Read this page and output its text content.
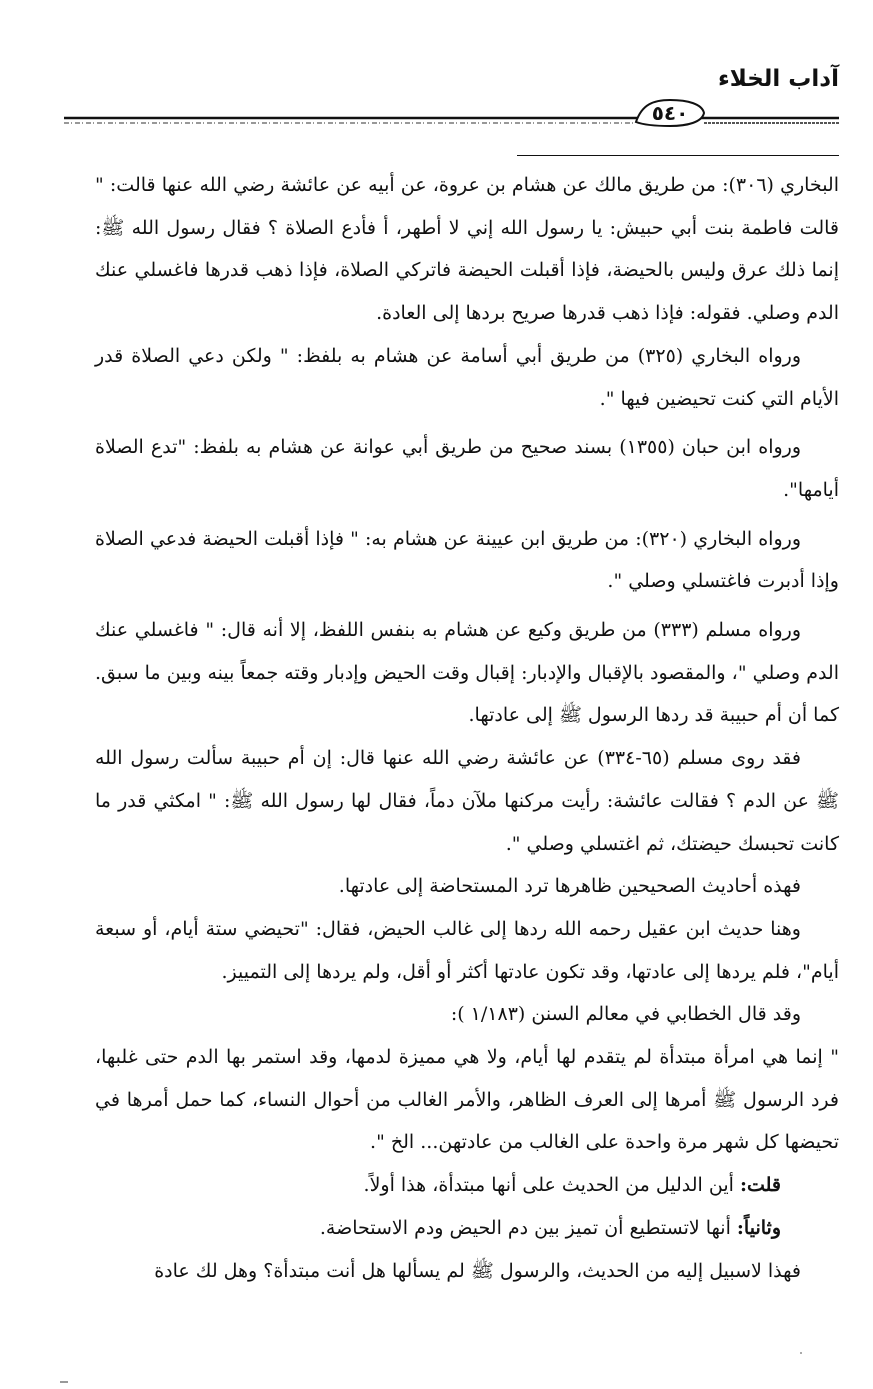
آداب الخلاء
٥٤٠

البخاري (٣٠٦): من طريق مالك عن هشام بن عروة، عن أبيه عن عائشة رضي الله عنها قالت: " قالت فاطمة بنت أبي حبيش: يا رسول الله إني لا أطهر، أ فأدع الصلاة ؟ فقال رسول الله ﷺ: إنما ذلك عرق وليس بالحيضة، فإذا أقبلت الحيضة فاتركي الصلاة، فإذا ذهب قدرها فاغسلي عنك الدم وصلي. فقوله: فإذا ذهب قدرها صريح بردها إلى العادة.

ورواه البخاري (٣٢٥) من طريق أبي أسامة عن هشام به بلفظ: " ولكن دعي الصلاة قدر الأيام التي كنت تحيضين فيها ".

ورواه ابن حبان (١٣٥٥) بسند صحيح من طريق أبي عوانة عن هشام به بلفظ: "تدع الصلاة أيامها".

ورواه البخاري (٣٢٠): من طريق ابن عيينة عن هشام به: " فإذا أقبلت الحيضة فدعي الصلاة وإذا أدبرت فاغتسلي وصلي ".

ورواه مسلم (٣٣٣) من طريق وكيع عن هشام به بنفس اللفظ، إلا أنه قال: " فاغسلي عنك الدم وصلي "، والمقصود بالإقبال والإدبار: إقبال وقت الحيض وإدبار وقته جمعاً بينه وبين ما سبق. كما أن أم حبيبة قد ردها الرسول ﷺ إلى عادتها.

فقد روى مسلم (٦٥-٣٣٤) عن عائشة رضي الله عنها قال: إن أم حبيبة سألت رسول الله ﷺ عن الدم ؟ فقالت عائشة: رأيت مركنها ملآن دماً، فقال لها رسول الله ﷺ: " امكثي قدر ما كانت تحبسك حيضتك، ثم اغتسلي وصلي ".

فهذه أحاديث الصحيحين ظاهرها ترد المستحاضة إلى عادتها.

وهنا حديث ابن عقيل رحمه الله ردها إلى غالب الحيض، فقال: "تحيضي ستة أيام، أو سبعة أيام"، فلم يردها إلى عادتها، وقد تكون عادتها أكثر أو أقل، ولم يردها إلى التمييز.

وقد قال الخطابي في معالم السنن (١/١٨٣ ):

" إنما هي امرأة مبتدأة لم يتقدم لها أيام، ولا هي مميزة لدمها، وقد استمر بها الدم حتى غلبها، فرد الرسول ﷺ أمرها إلى العرف الظاهر، والأمر الغالب من أحوال النساء، كما حمل أمرها في تحيضها كل شهر مرة واحدة على الغالب من عادتهن... الخ ".

قلت: أين الدليل من الحديث على أنها مبتدأة، هذا أولاً.

وثانياً: أنها لاتستطيع أن تميز بين دم الحيض ودم الاستحاضة.

فهذا لاسبيل إليه من الحديث، والرسول ﷺ لم يسألها هل أنت مبتدأة؟ وهل لك عادة
